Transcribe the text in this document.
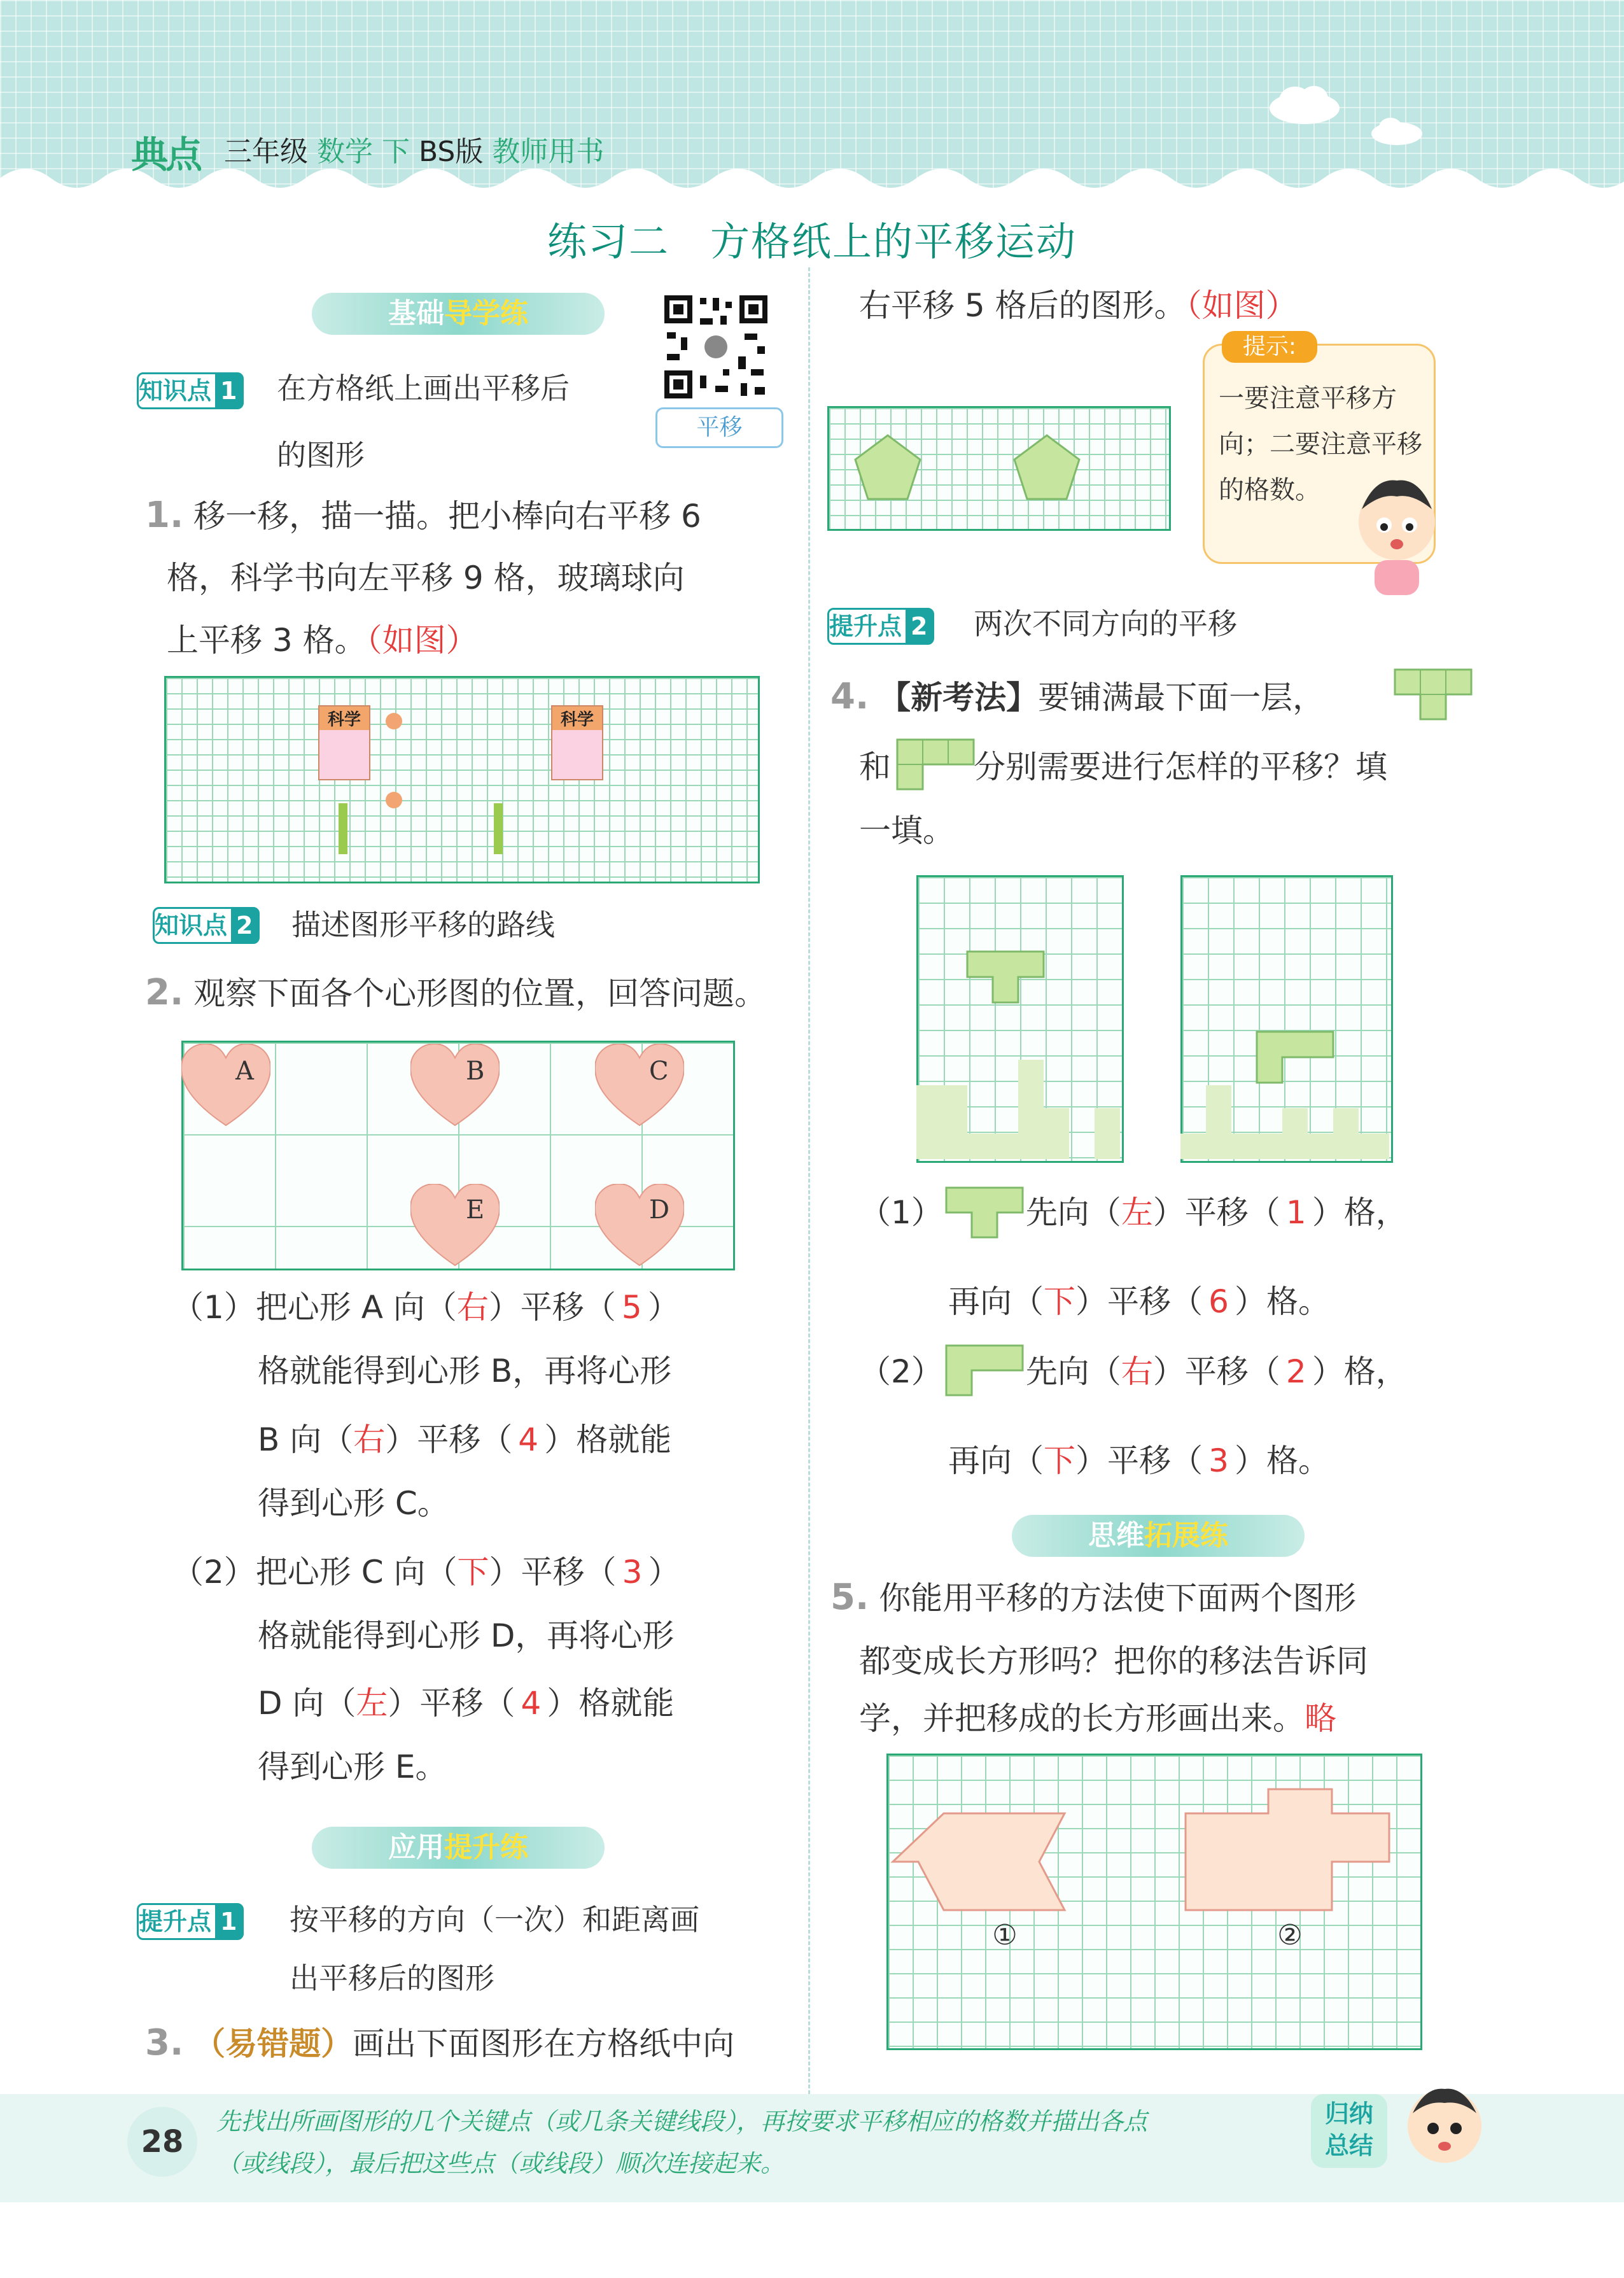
典点 三年级 数学 下 BS版 教师用书
练习二　方格纸上的平移运动
基础导学练
平移
知识点 1 在方格纸上画出平移后
的图形
1. 移一移，描一描。把小棒向右平移 6
格，科学书向左平移 9 格，玻璃球向
上平移 3 格。（如图）
科学	科学
知识点 2 描述图形平移的路线
2. 观察下面各个心形图的位置，回答问题。
A	B	C
E	D
（1）把心形 A 向（右）平移（ 5 ）
格就能得到心形 B，再将心形
B 向（右）平移（ 4 ）格就能
得到心形 C。
（2）把心形 C 向（下）平移（ 3 ）
格就能得到心形 D，再将心形
D 向（左）平移（ 4 ）格就能
得到心形 E。
应用提升练
提升点 1 按平移的方向（一次）和距离画
出平移后的图形
3. （易错题）画出下面图形在方格纸中向
右平移 5 格后的图形。（如图）
提示:
一要注意平移方向；二要注意平移的格数。
提升点 2 两次不同方向的平移
4. 【新考法】要铺满最下面一层，
和	分别需要进行怎样的平移？填
一填。
（1）	先向（左）平移（ 1 ）格，
再向（下）平移（ 6 ）格。
（2）	先向（右）平移（ 2 ）格，
再向（下）平移（ 3 ）格。
思维拓展练
5. 你能用平移的方法使下面两个图形
都变成长方形吗？把你的移法告诉同
学，并把移成的长方形画出来。略
①	②
28
先找出所画图形的几个关键点（或几条关键线段），再按要求平移相应的格数并描出各点
（或线段），最后把这些点（或线段）顺次连接起来。
归纳
总结
